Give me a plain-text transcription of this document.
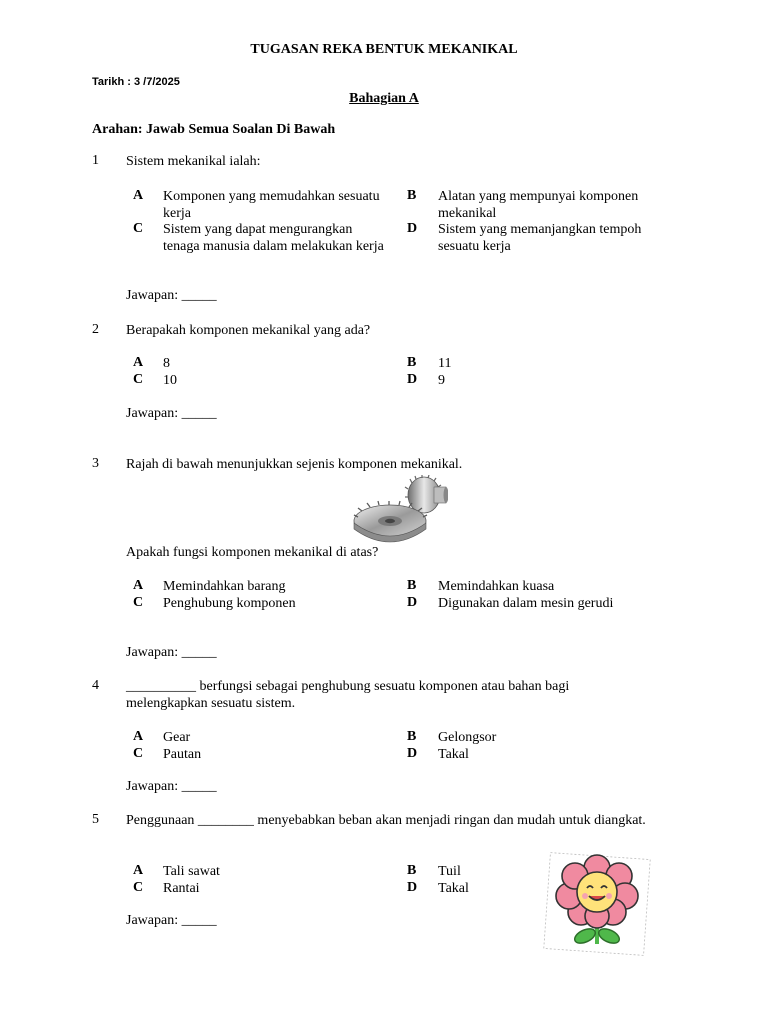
TUGASAN REKA BENTUK MEKANIKAL
Tarikh : 3 /7/2025
Bahagian A
Arahan: Jawab Semua Soalan Di Bawah
1 Sistem mekanikal ialah:
A Komponen yang memudahkan sesuatu kerja
B Alatan yang mempunyai komponen mekanikal
C Sistem yang dapat mengurangkan tenaga manusia dalam melakukan kerja
D Sistem yang memanjangkan tempoh sesuatu kerja
Jawapan: _____
2 Berapakah komponen mekanikal yang ada?
A 8	B 11
C 10	D 9
Jawapan: _____
3 Rajah di bawah menunjukkan sejenis komponen mekanikal.
Apakah fungsi komponen mekanikal di atas?
A Memindahkan barang	B Memindahkan kuasa
C Penghubung komponen	D Digunakan dalam mesin gerudi
Jawapan: _____
4 __________ berfungsi sebagai penghubung sesuatu komponen atau bahan bagi melengkapkan sesuatu sistem.
A Gear	B Gelongsor
C Pautan	D Takal
Jawapan: _____
5 Penggunaan ________ menyebabkan beban akan menjadi ringan dan mudah untuk diangkat.
A Tali sawat	B Tuil
C Rantai	D Takal
Jawapan: _____
